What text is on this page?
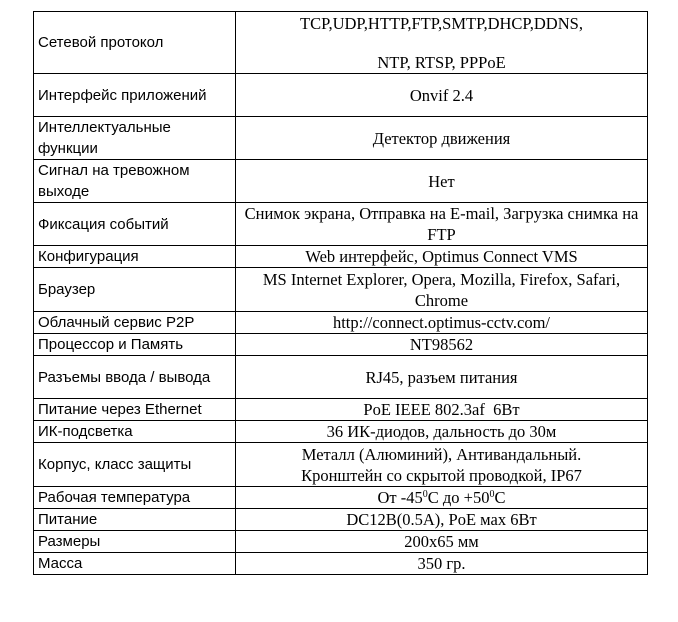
Сетевой протокол	TCP,UDP,HTTP,FTP,SMTP,DHCP,DDNS,
NTP, RTSP, PPPoE
Интерфейс приложений	Onvif 2.4
Интеллектуальные функции	Детектор движения
Сигнал на тревожном выходе	Нет
Фиксация событий	Снимок экрана, Отправка на E-mail, Загрузка снимка на FTP
Конфигурация	Web интерфейс, Optimus Connect VMS
Браузер	MS Internet Explorer, Opera, Mozilla, Firefox, Safari, Chrome
Облачный сервис P2P	http://connect.optimus-cctv.com/
Процессор и Память	NT98562
Разъемы ввода / вывода	RJ45, разъем питания
Питание через Ethernet	PoE IEEE 802.3af  6Вт
ИК-подсветка	36 ИК-диодов, дальность до 30м
Корпус, класс защиты	Металл (Алюминий), Антивандальный.
Кронштейн со скрытой проводкой, IP67
Рабочая температура	От $-45^0С$ до $+50^0С$
Питание	DC12В(0.5А), PoE мах 6Вт
Размеры	200x65 мм
Масса	350 гр.
